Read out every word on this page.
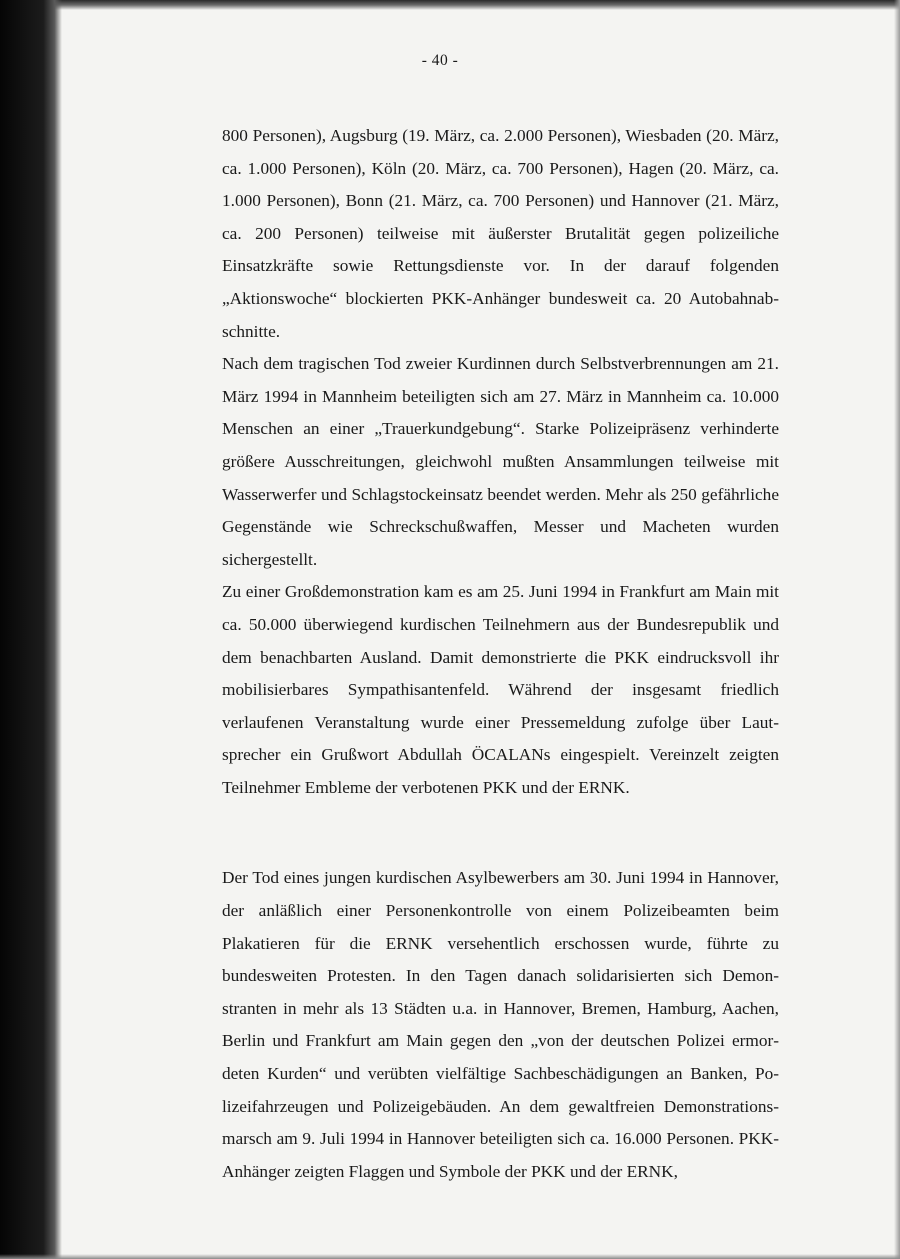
- 40 -

800 Personen), Augsburg (19. März, ca. 2.000 Personen), Wiesbaden (20. März, ca. 1.000 Personen), Köln (20. März, ca. 700 Personen), Hagen (20. März, ca. 1.000 Personen), Bonn (21. März, ca. 700 Personen) und Hannover (21. März, ca. 200 Personen) teilweise mit äußerster Brutalität gegen polizeiliche Einsatzkräfte sowie Rettungsdienste vor. In der darauf folgenden „Aktionswoche“ blockierten PKK-Anhänger bundesweit ca. 20 Autobahnabschnitte.

Nach dem tragischen Tod zweier Kurdinnen durch Selbstverbrennungen am 21. März 1994 in Mannheim beteiligten sich am 27. März in Mannheim ca. 10.000 Menschen an einer „Trauerkundgebung“. Starke Polizeipräsenz verhinderte größere Ausschreitungen, gleichwohl mußten Ansammlungen teilweise mit Wasserwerfer und Schlagstockeinsatz beendet werden. Mehr als 250 gefährliche Gegenstände wie Schreckschußwaffen, Messer und Macheten wurden sichergestellt.

Zu einer Großdemonstration kam es am 25. Juni 1994 in Frankfurt am Main mit ca. 50.000 überwiegend kurdischen Teilnehmern aus der Bundesrepublik und dem benachbarten Ausland. Damit demonstrierte die PKK eindrucksvoll ihr mobilisierbares Sympathisantenfeld. Während der insgesamt friedlich verlaufenen Veranstaltung wurde einer Pressemeldung zufolge über Lautsprecher ein Grußwort Abdullah ÖCALANs eingespielt. Vereinzelt zeigten Teilnehmer Embleme der verbotenen PKK und der ERNK.

Der Tod eines jungen kurdischen Asylbewerbers am 30. Juni 1994 in Hannover, der anläßlich einer Personenkontrolle von einem Polizeibeamten beim Plakatieren für die ERNK versehentlich erschossen wurde, führte zu bundesweiten Protesten. In den Tagen danach solidarisierten sich Demonstranten in mehr als 13 Städten u.a. in Hannover, Bremen, Hamburg, Aachen, Berlin und Frankfurt am Main gegen den „von der deutschen Polizei ermordeten Kurden“ und verübten vielfältige Sachbeschädigungen an Banken, Polizeifahrzeugen und Polizeigebäuden. An dem gewaltfreien Demonstrationsmarsch am 9. Juli 1994 in Hannover beteiligten sich ca. 16.000 Personen. PKK-Anhänger zeigten Flaggen und Symbole der PKK und der ERNK,
